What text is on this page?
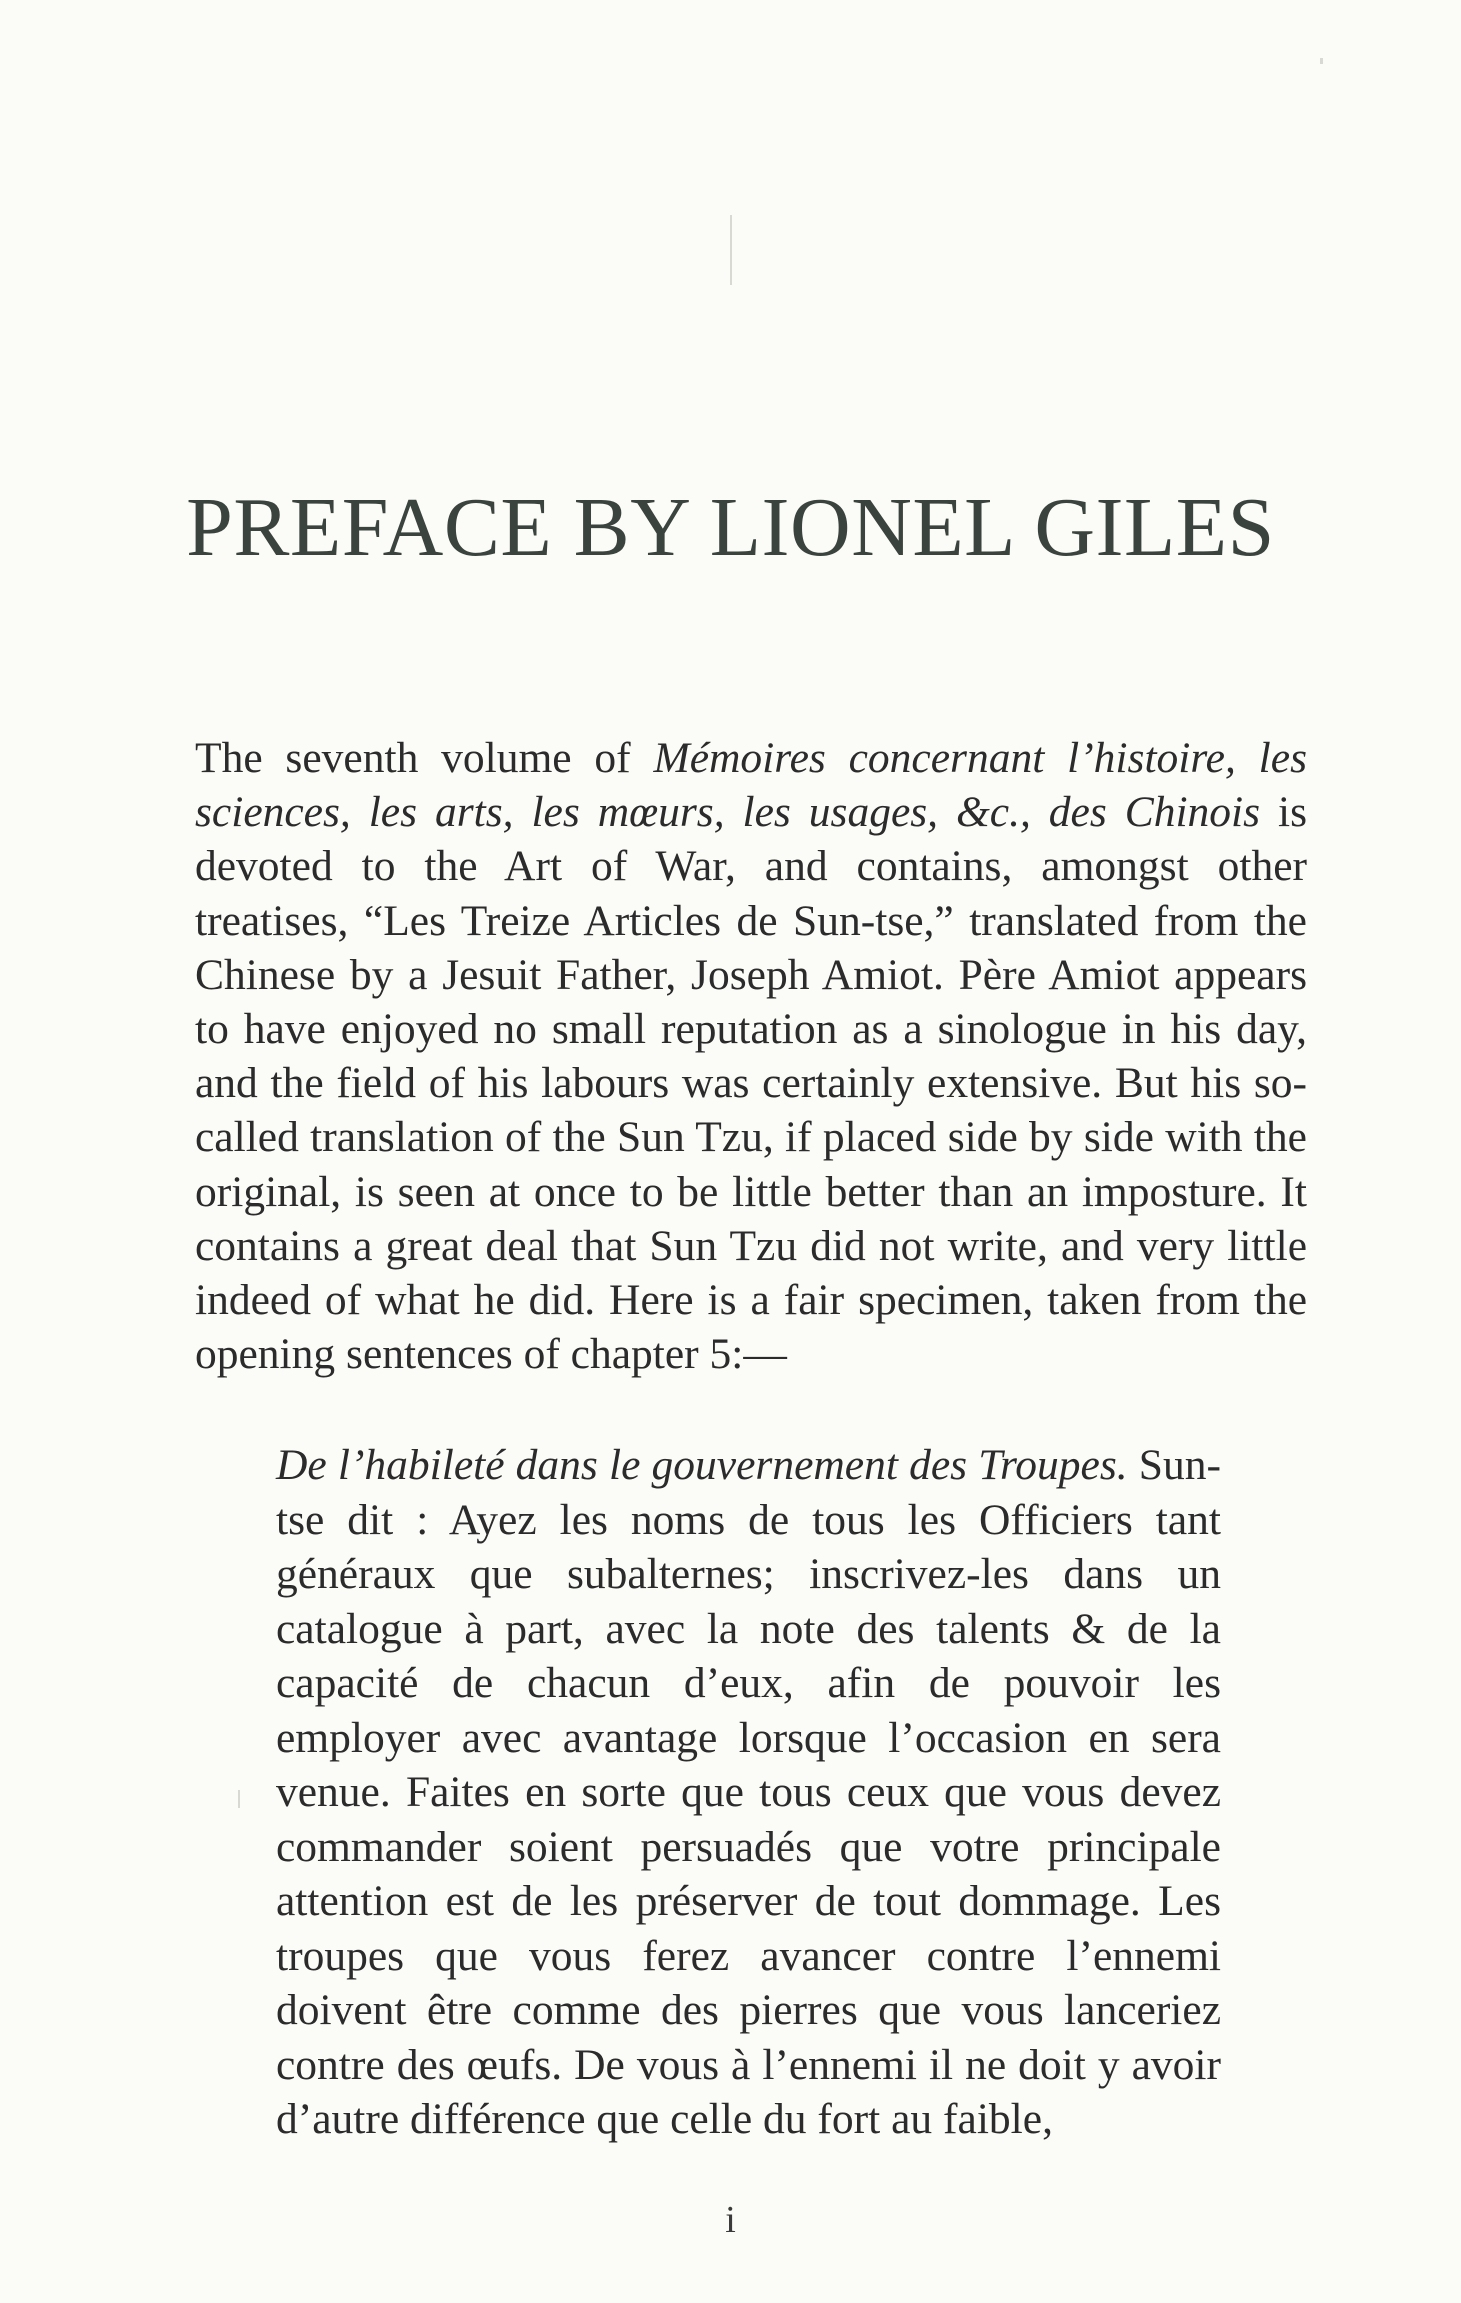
PREFACE BY LIONEL GILES

The seventh volume of Mémoires concernant l’histoire, les sciences, les arts, les mœurs, les usages, &c., des Chinois is devoted to the Art of War, and contains, amongst other treatises, “Les Treize Articles de Sun-tse,” translated from the Chinese by a Jesuit Father, Joseph Amiot. Père Amiot appears to have enjoyed no small reputation as a sinologue in his day, and the field of his labours was certainly extensive. But his so-called translation of the Sun Tzu, if placed side by side with the original, is seen at once to be little better than an imposture. It contains a great deal that Sun Tzu did not write, and very little indeed of what he did. Here is a fair specimen, taken from the opening sentences of chapter 5:—

De l’habileté dans le gouvernement des Troupes. Sun-tse dit : Ayez les noms de tous les Officiers tant généraux que subalternes; inscrivez-les dans un catalogue à part, avec la note des talents & de la capacité de chacun d’eux, afin de pouvoir les employer avec avantage lorsque l’occasion en sera venue. Faites en sorte que tous ceux que vous devez commander soient persuadés que votre principale attention est de les préserver de tout dommage. Les troupes que vous ferez avancer contre l’ennemi doivent être comme des pierres que vous lanceriez contre des œufs. De vous à l’ennemi il ne doit y avoir d’autre différence que celle du fort au faible,

i
